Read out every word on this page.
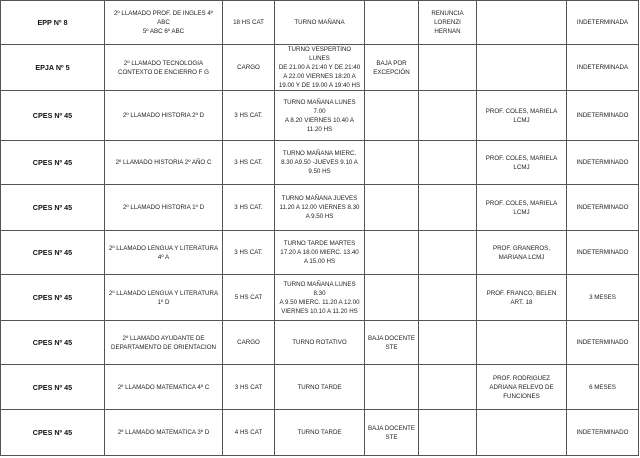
EPP Nº 8	2º LLAMADO PROF. DE INGLES 4º ABC
5º ABC 6º ABC	18 HS CAT	TURNO MAÑANA		RENUNCIA
LORENZI HERNAN		INDETERMINADA
EPJA Nº 5	2º LLAMADO TECNOLOGIA
CONTEXTO DE ENCIERRO F G	CARGO	TURNO VESPERTINO LUNES
DE 21.00 A 21:40 Y DE 21:40
A 22.00 VIERNES 18:20 A
19.00 Y DE 19.00 A 19:40 HS	BAJA POR
EXCEPCIÓN			INDETERMINADA
CPES Nº 45	2º LLAMADO HISTORIA 2º D	3 HS CAT.	TURNO MAÑANA LUNES 7.00
A 8.20 VIERNES 10.40 A
11.20 HS			PROF. COLES, MARIELA
LCMJ	INDETERMINADO
CPES Nº 45	2º LLAMADO HISTORIA 2º AÑO C	3 HS CAT.	TURNO MAÑANA MIERC.
8.30 A9.50 -JUEVES 9.10 A
9.50 HS			PROF. COLES, MARIELA
LCMJ	INDETERMINADO
CPES Nº 45	2º LLAMADO HISTORIA 1º D	3 HS CAT.	TURNO MAÑANA JUEVES
11.20 A 12.00 VIERNES 8.30
A 9.50 HS			PROF. COLES, MARIELA
LCMJ	INDETERMINADO
CPES Nº 45	2º LLAMADO LENGUA Y LITERATURA
4º A	3 HS CAT.	TURNO TARDE MARTES
17.20 A 18.00 MIERC. 13.40
A 15.00 HS			PROF. GRANEROS,
MARIANA LCMJ	INDETERMINADO
CPES Nº 45	2º LLAMADO LENGUA Y LITERATURA
1º D	5 HS CAT	TURNO MAÑANA LUNES 8.30
A 9.50 MIERC. 11.20 A 12.00
VIERNES 10.10 A 11.20 HS			PROF. FRANCO, BELEN
ART. 18	3 MESES
CPES Nº 45	2º LLAMADO AYUDANTE DE
DEPARTAMENTO DE ORIENTACION	CARGO	TURNO ROTATIVO	BAJA DOCENTE
STE			INDETERMINADO
CPES Nº 45	2º LLAMADO MATEMATICA 4º C	3 HS CAT	TURNO TARDE			PROF. RODRIGUEZ
ADRIANA RELEVO DE
FUNCIONES	6 MESES
CPES Nº 45	2º LLAMADO MATEMATICA 3º D	4 HS CAT	TURNO TARDE	BAJA DOCENTE
STE			INDETERMINADO
